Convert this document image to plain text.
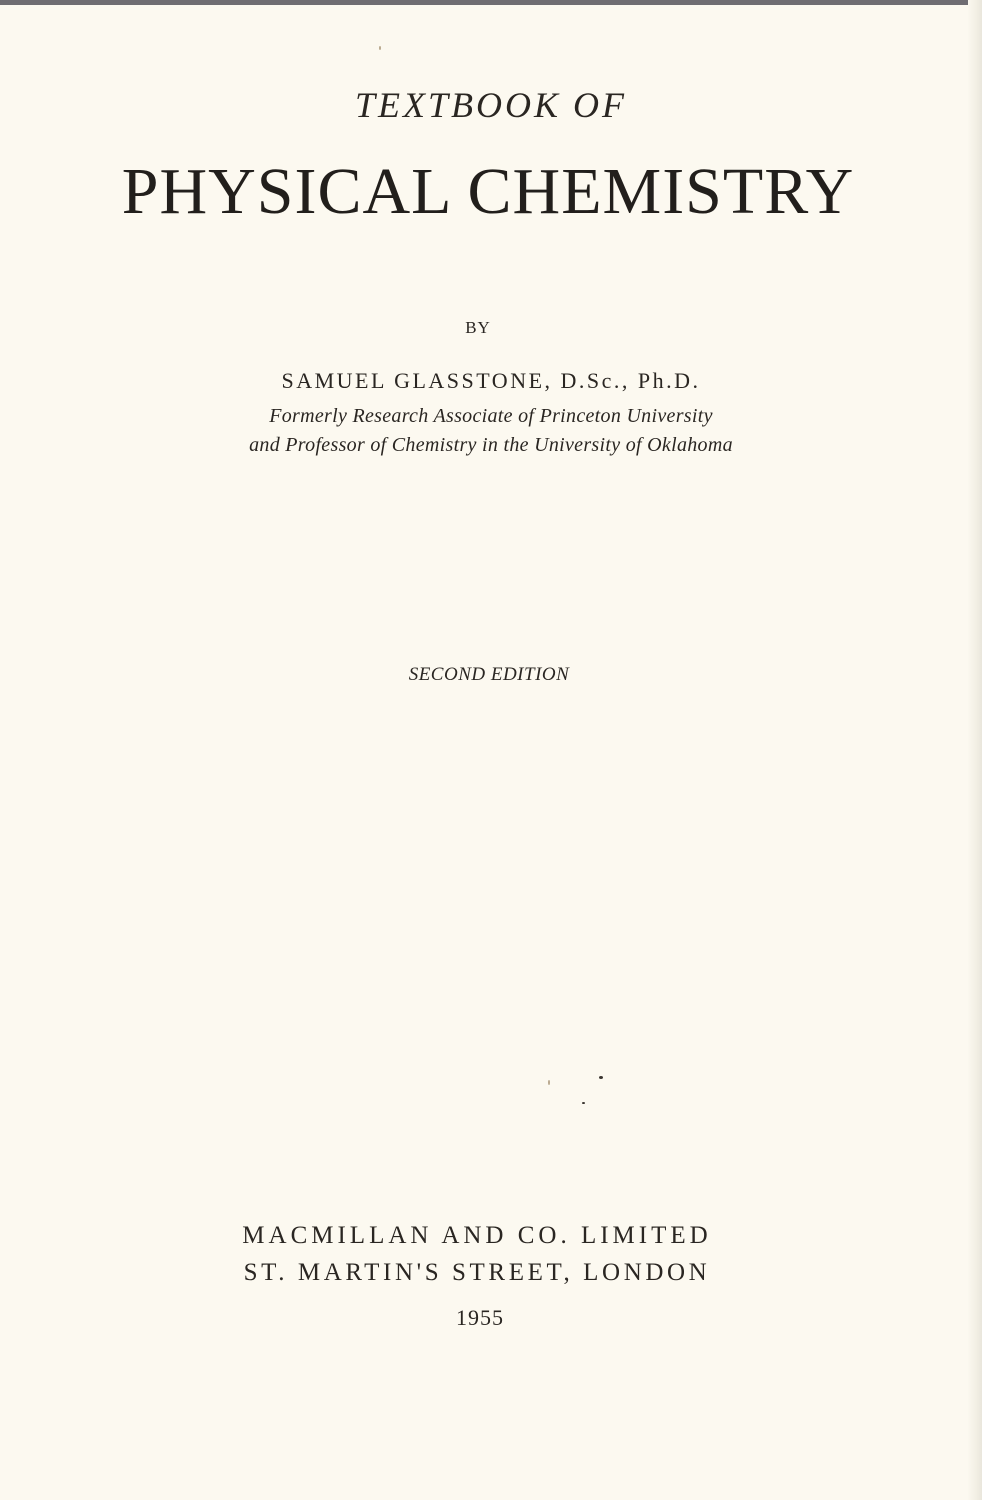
TEXTBOOK OF
PHYSICAL CHEMISTRY
BY
SAMUEL GLASSTONE, D.Sc., Ph.D.
Formerly Research Associate of Princeton University
and Professor of Chemistry in the University of Oklahoma
SECOND EDITION
MACMILLAN AND CO. LIMITED
ST. MARTIN'S STREET, LONDON
1955
